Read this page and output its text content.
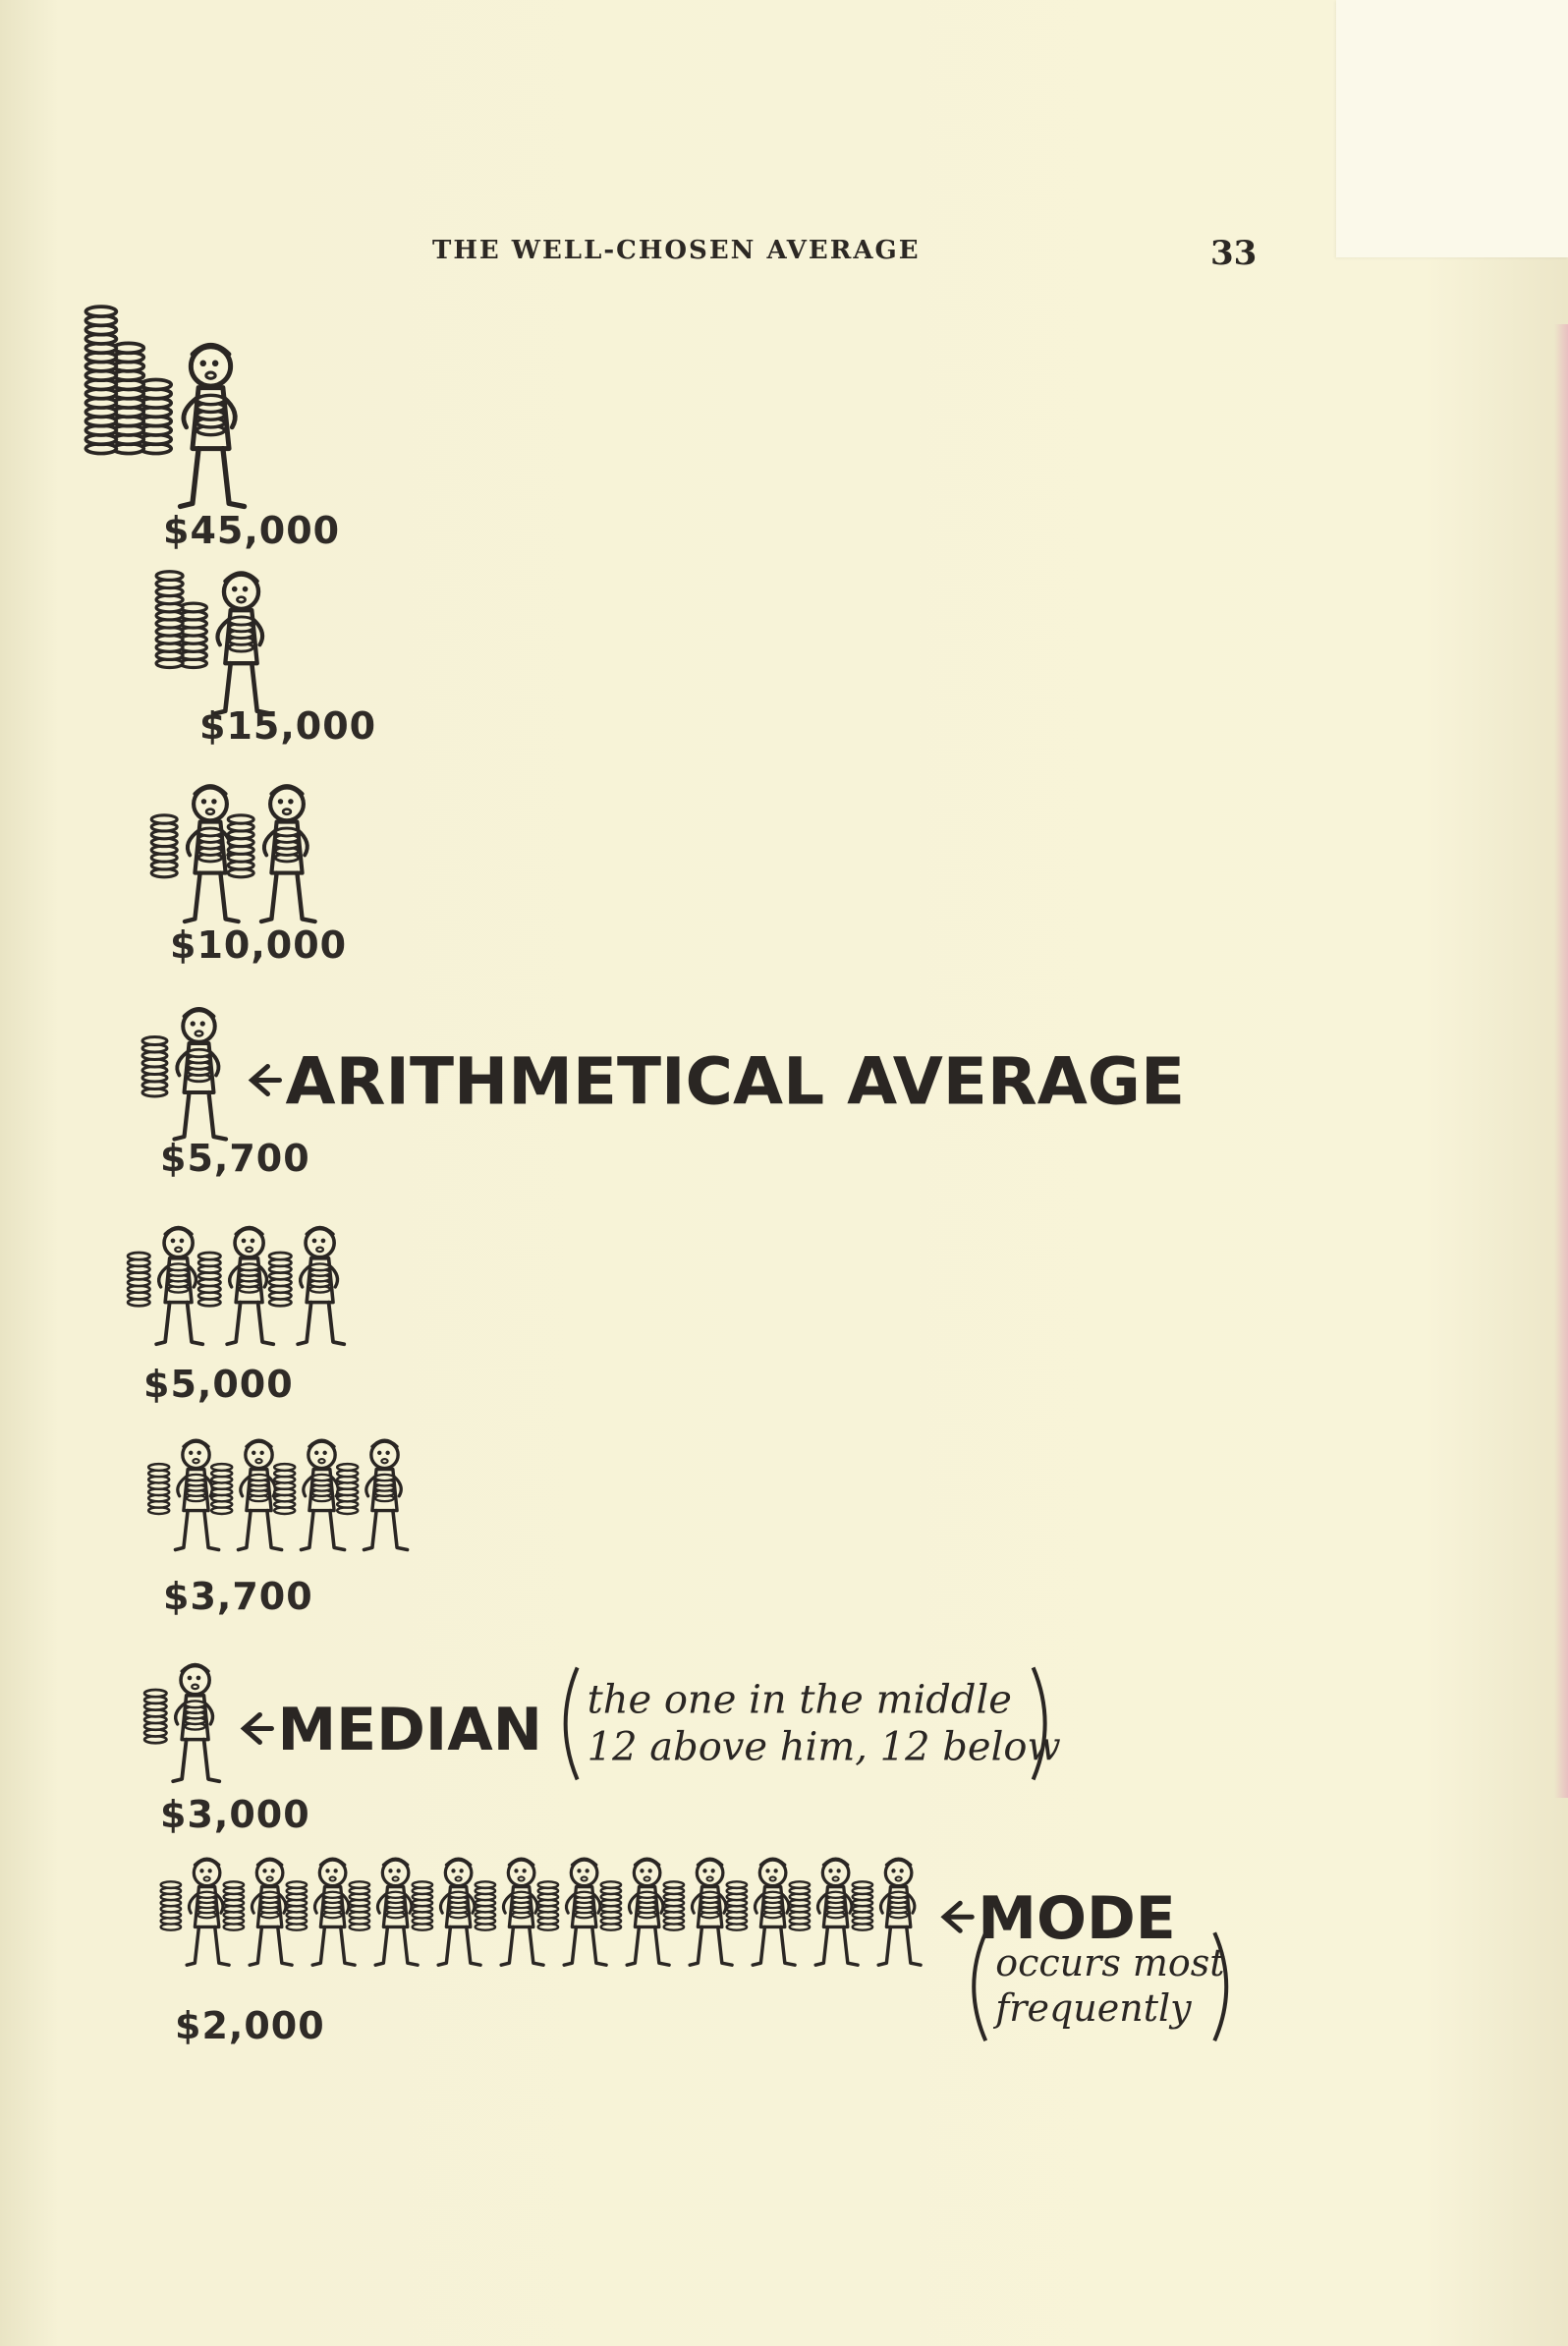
THE WELL-CHOSEN AVERAGE	33
$45,000
$15,000
$10,000
$5,700
ARITHMETICAL AVERAGE
$5,000
$3,700
$3,000
MEDIAN the one in the middle
12 above him, 12 below
$2,000
MODE
occurs most
frequently
